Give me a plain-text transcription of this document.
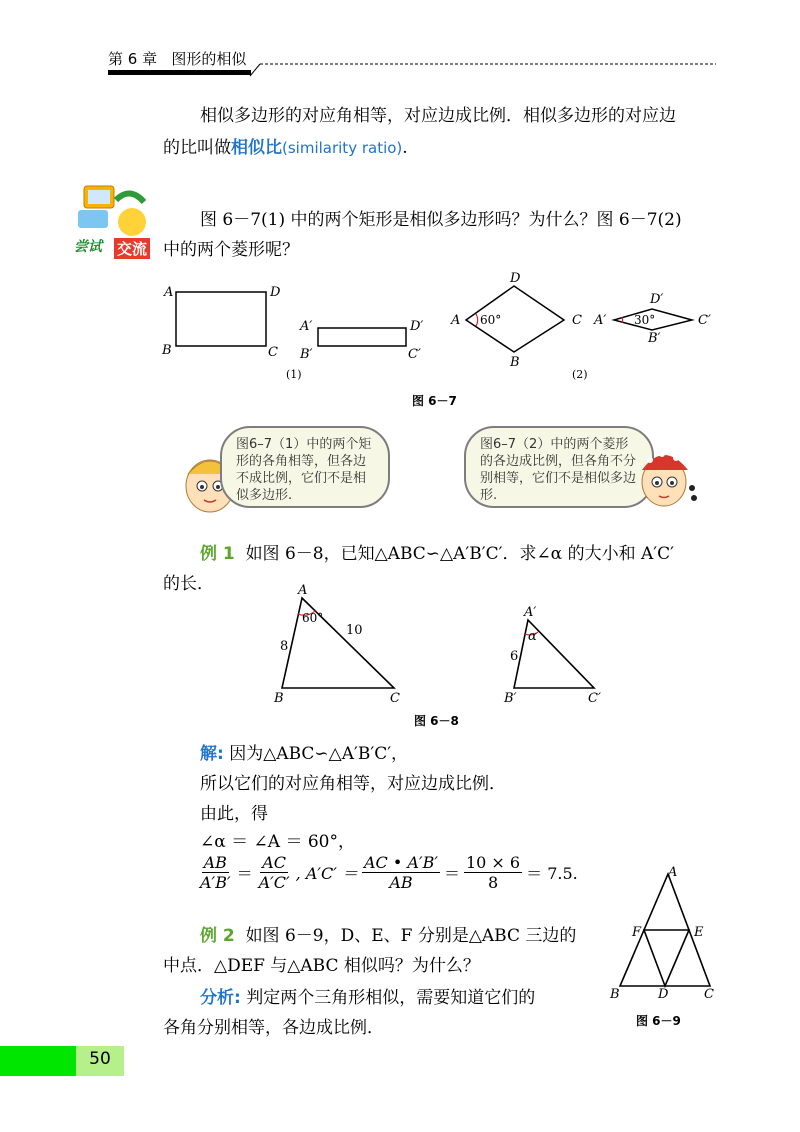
第 6 章 图形的相似
相似多边形的对应角相等，对应边成比例．相似多边形的对应边
的比叫做相似比(similarity ratio).
尝试 交流
图 6－7(1) 中的两个矩形是相似多边形吗？为什么？图 6－7(2)
中的两个菱形呢？
A	D
B	C
A′	D′
B′	C′
(1)
D
A	C
B
60°
D′
A′	C′
B′
30°
(2)
图 6－7
图6–7（1）中的两个矩形的各角相等，但各边不成比例，它们不是相似多边形.
图6–7（2）中的两个菱形的各边成比例，但各角不分别相等，它们不是相似多边形.
例 1 如图 6－8，已知△ABC∽△A′B′C′．求∠α 的大小和 A′C′
的长．	A
B	C
60°
8
10
A′
B′	C′
α
6
图 6－8
解: 因为△ABC∽△A′B′C′，
所以它们的对应角相等，对应边成比例．
由此，得
∠α ＝ ∠A ＝ 60°，
AB
A′B′ ＝
AC
A′C′ , A′C′ ＝
AC • A′B′
AB ＝
10 × 6
8 ＝ 7.5.
例 2 如图 6－9，D、E、F 分别是△ABC 三边的
中点．△DEF 与△ABC 相似吗？为什么？
分析: 判定两个三角形相似，需要知道它们的
各角分别相等，各边成比例．
A
F	E
B	D	C
图 6－9
50
